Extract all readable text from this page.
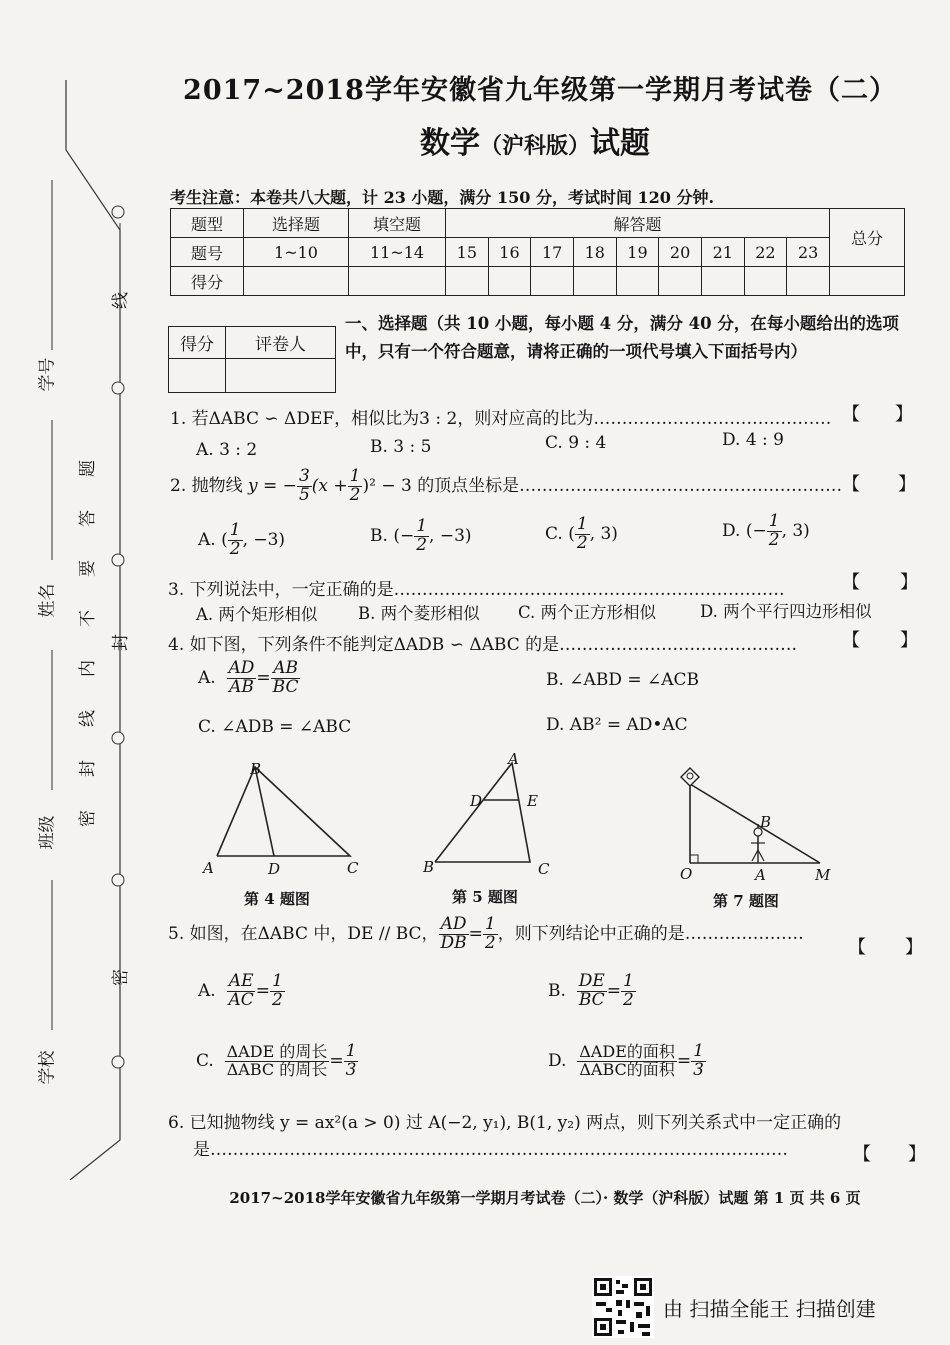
学号
姓名
班级
学校
线
封
密
题
答
要
不
内
线
封
密
2017~2018学年安徽省九年级第一学期月考试卷（二）
数学（沪科版）试题
考生注意：本卷共八大题，计 23 小题，满分 150 分，考试时间 120 分钟.
题型	选择题	填空题	解答题									总分
题号	1~10	11~14	15	16	17	18	19	20	21	22	23	
得分												
得分	评卷人

一、选择题（共 10 小题，每小题 4 分，满分 40 分，在每小题给出的选项中，只有一个符合题意，请将正确的一项代号填入下面括号内）
1. 若ΔABC ∽ ΔDEF，相似比为3 : 2，则对应高的比为…………………………………… 【 】
A. 3 : 2	B. 3 : 5	C. 9 : 4	D. 4 : 9
2. 抛物线 y = − $\frac{3}{5} (x + \frac{1}{2} )^2 - 3$ 的顶点坐标是………………………………………………… 【 】
A. ( $\frac{1}{2}$ , −3)	B. (− $\frac{1}{2}$ , −3)	C. ( $\frac{1}{2}$ , 3)	D. (− $\frac{1}{2}$ , 3)
3. 下列说法中，一定正确的是……………………………………………………………	【 】
A. 两个矩形相似 B. 两个菱形相似 C. 两个正方形相似	D. 两个平行四边形相似
4. 如下图，下列条件不能判定ΔADB ∽ ΔABC 的是……………………………………	【 】
A. $\frac{AD}{AB} = \frac{AB}{BC}$	B. ∠ABD = ∠ACB
C. ∠ADB = ∠ABC	D. AB² = AD•AC
B
A	D	C
第 4 题图
A
D	E
B	C
第 5 题图
B
O	A	M
第 7 题图
5. 如图，在ΔABC 中，DE // BC， $\frac{AD}{DB} = \frac{1}{2}$ ，则下列结论中正确的是…………………
【 】
A. $\frac{AE}{AC} = \frac{1}{2}$	B. $\frac{DE}{BC} = \frac{1}{2}$
C. $\frac{\text{ΔADE 的周长}}{\text{ΔABC 的周长}} = \frac{1}{3}$	D. $\frac{\text{ΔADE的面积}}{\text{ΔABC的面积}} = \frac{1}{3}$
6. 已知抛物线 y = ax²(a > 0) 过 A(−2, y₁), B(1, y₂) 两点，则下列关系式中一定正确的
是…………………………………………………………………………………………	【 】
2017~2018学年安徽省九年级第一学期月考试卷（二）· 数学（沪科版）试题 第 1 页 共 6 页
由 扫描全能王 扫描创建
